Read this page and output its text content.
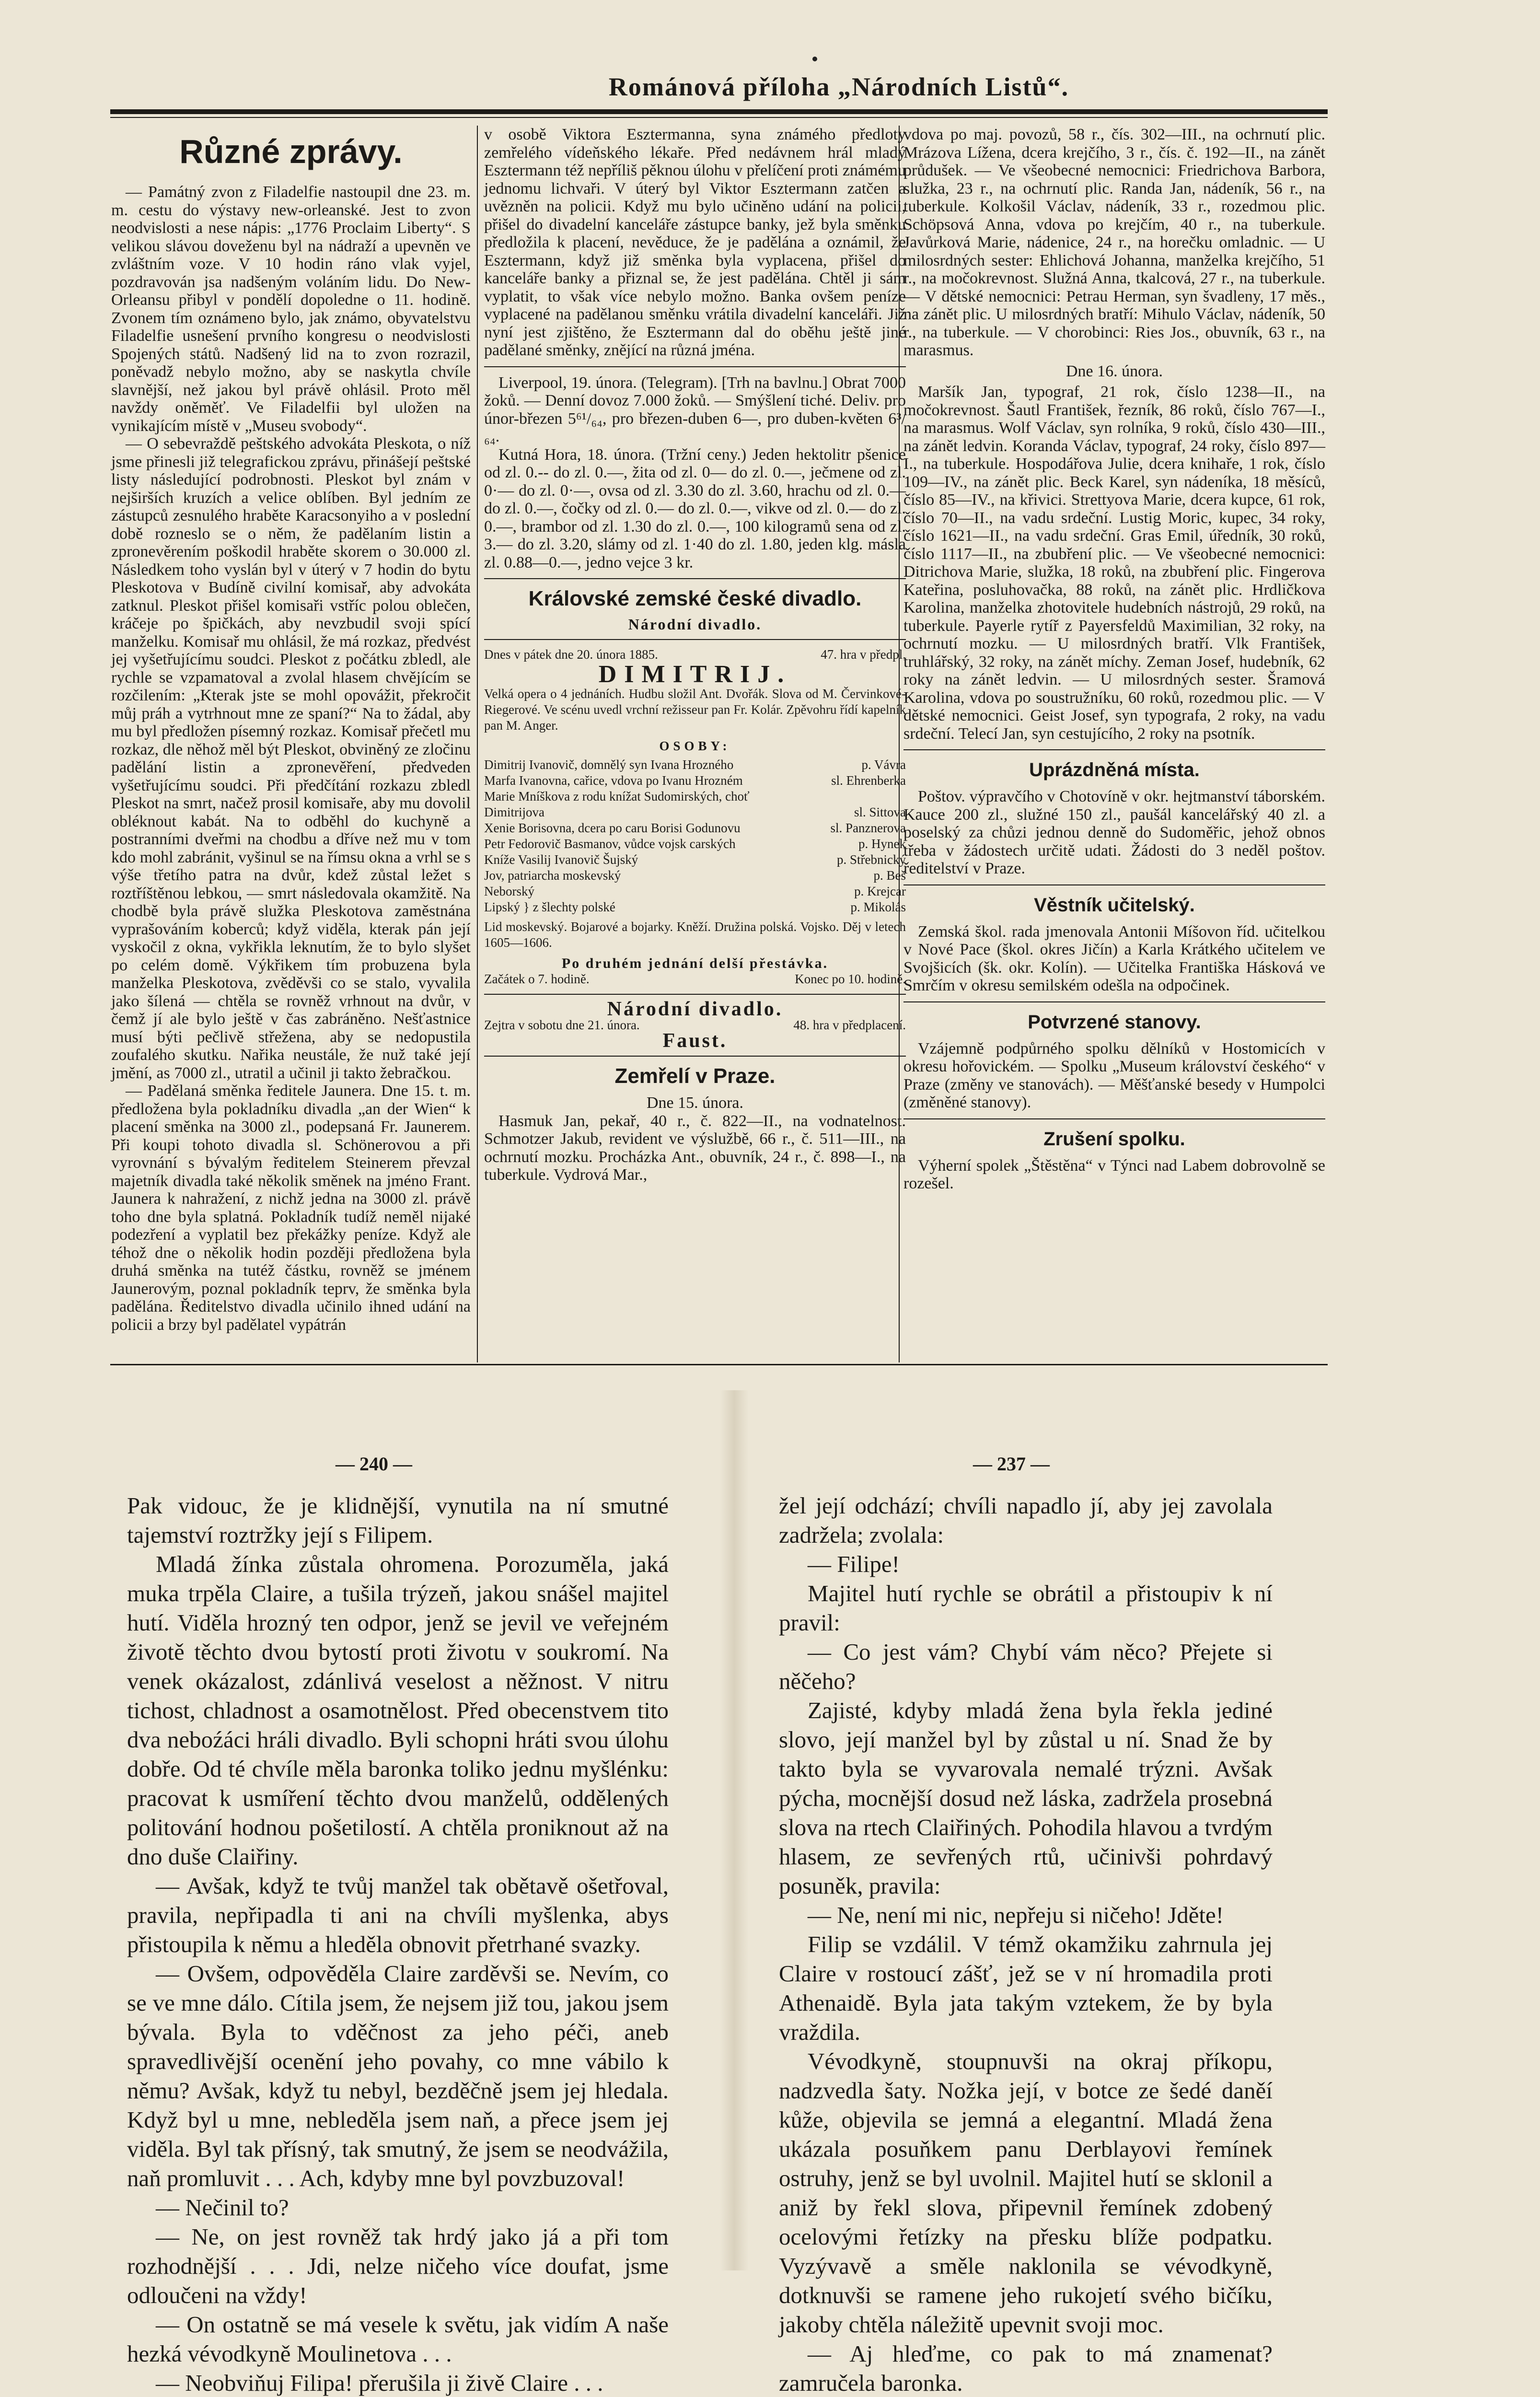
Románová příloha „Národních Listů“.
Různé zprávy.

— Památný zvon z Filadelfie nastoupil dne 23. m. m. cestu do výstavy new-orleanské. Jest to zvon neodvislosti a nese nápis: „1776 Proclaim Liberty“. S velikou slávou doveženu byl na nádraží a upevněn ve zvláštním voze. V 10 hodin ráno vlak vyjel, pozdravován jsa nadšeným voláním lidu. Do New-Orleansu přibyl v pondělí dopoledne o 11. hodině. Zvonem tím oznámeno bylo, jak známo, obyvatelstvu Filadelfie usnešení prvního kongresu o neodvislosti Spojených států. Nadšený lid na to zvon rozrazil, poněvadž nebylo možno, aby se naskytla chvíle slavnější, než jakou byl právě ohlásil. Proto měl navždy oněměť. Ve Filadelfii byl uložen na vynikajícím místě v „Museu svobody“.

— O sebevraždě peštského advokáta Pleskota, o níž jsme přinesli již telegrafickou zprávu, přinášejí peštské listy následující podrobnosti. Pleskot byl znám v nejširších kruzích a velice oblíben. Byl jedním ze zástupců zesnulého hraběte Karacsonyiho a v poslední době rozneslo se o něm, že padělaním listin a zpronevěrením poškodil hraběte skorem o 30.000 zl. Následkem toho vyslán byl v úterý v 7 hodin do bytu Pleskotova v Budíně civilní komisař, aby advokáta zatknul. Pleskot přišel komisaři vstříc polou oblečen, kráčeje po špičkách, aby nevzbudil svoji spící manželku. Komisař mu ohlásil, že má rozkaz, předvést jej vyšetřujícímu soudci. Pleskot z počátku zbledl, ale rychle se vzpamatoval a zvolal hlasem chvějícím se rozčilením: „Kterak jste se mohl opovážit, překročit můj práh a vytrhnout mne ze spaní?“ Na to žádal, aby mu byl předložen písemný rozkaz. Komisař přečetl mu rozkaz, dle něhož měl být Pleskot, obviněný ze zločinu padělání listin a zpronevěření, předveden vyšetřujícímu soudci. Při předčítání rozkazu zbledl Pleskot na smrt, načež prosil komisaře, aby mu dovolil obléknout kabát. Na to odběhl do kuchyně a postranními dveřmi na chodbu a dříve než mu v tom kdo mohl zabránit, vyšinul se na římsu okna a vrhl se s výše třetího patra na dvůr, kdež zůstal ležet s roztříštěnou lebkou, — smrt následovala okamžitě. Na chodbě byla právě služka Pleskotova zaměstnána vyprašováním koberců; když viděla, kterak pán její vyskočil z okna, vykřikla leknutím, že to bylo slyšet po celém domě. Výkřikem tím probuzena byla manželka Pleskotova, zvěděvši co se stalo, vyvalila jako šílená — chtěla se rovněž vrhnout na dvůr, v čemž jí ale bylo ještě v čas zabráněno. Nešťastnice musí býti pečlivě střežena, aby se nedopustila zoufalého skutku. Nařika neustále, že nuž také její jmění, as 7000 zl., utratil a učinil ji takto žebračkou.

— Padělaná směnka ředitele Jaunera. Dne 15. t. m. předložena byla pokladníku divadla „an der Wien“ k placení směnka na 3000 zl., podepsaná Fr. Jaunerem. Při koupi tohoto divadla sl. Schönerovou a při vyrovnání s bývalým ředitelem Steinerem převzal majetník divadla také několik směnek na jméno Frant. Jaunera k nahražení, z nichž jedna na 3000 zl. právě toho dne byla splatná. Pokladník tudíž neměl nijaké podezření a vyplatil bez překážky peníze. Když ale téhož dne o několik hodin později předložena byla druhá směnka na tutéž částku, rovněž se jménem Jaunerovým, poznal pokladník teprv, že směnka byla padělána. Ředitelstvo divadla učinilo ihned udání na policii a brzy byl padělatel vypátrán

v osobě Viktora Esztermanna, syna známého předloty zemřelého vídeňského lékaře. Před nedávnem hrál mladý Esztermann též nepříliš pěknou úlohu v přelíčení proti známému jednomu lichvaři. V úterý byl Viktor Esztermann zatčen a uvězněn na policii. Když mu bylo učiněno udání na policii, přišel do divadelní kanceláře zástupce banky, jež byla směnku předložila k placení, nevěduce, že je padělána a oznámil, že Esztermann, když již směnka byla vyplacena, přišel do kanceláře banky a přiznal se, že jest padělána. Chtěl ji sám vyplatit, to však více nebylo možno. Banka ovšem peníze vyplacené na padělanou směnku vrátila divadelní kanceláři. Již nyní jest zjištěno, že Esztermann dal do oběhu ještě jiné padělané směnky, znějící na různá jména.

Liverpool, 19. února. (Telegram). [Trh na bavlnu.] Obrat 7000 žoků. — Denní dovoz 7.000 žoků. — Smýšlení tiché. Deliv. pro únor-březen 5⁶¹/₆₄, pro březen-duben 6—, pro duben-květen 6³/₆₄.

Kutná Hora, 18. února. (Tržní ceny.) Jeden hektolitr pšenice od zl. 0.-- do zl. 0.—, žita od zl. 0— do zl. 0.—, ječmene od zl. 0·— do zl. 0·—, ovsa od zl. 3.30 do zl. 3.60, hrachu od zl. 0.— do zl. 0.—, čočky od zl. 0.— do zl. 0.—, vikve od zl. 0.— do zl. 0.—, brambor od zl. 1.30 do zl. 0.—, 100 kilogramů sena od zl. 3.— do zl. 3.20, slámy od zl. 1·40 do zl. 1.80, jeden klg. másla zl. 0.88—0.—, jedno vejce 3 kr.

Královské zemské české divadlo.
Národní divadlo.
Dnes v pátek dne 20. února 1885.	47. hra v předpl.
DIMITRIJ.
Velká opera o 4 jednáních. Hudbu složil Ant. Dvořák. Slova od M. Červinkové-Riegerové. Ve scénu uvedl vrchní režisseur pan Fr. Kolár. Zpěvohru řídí kapelník pan M. Anger.
OSOBY:
Dimitrij Ivanovič, domnělý syn Ivana Hrozného	p. Vávra
Marfa Ivanovna, cařice, vdova po Ivanu Hrozném	sl. Ehrenberka
Marie Mníškova z rodu knížat Sudomirských, choť
Dimitrijova	sl. Sittova
Xenie Borisovna, dcera po caru Borisi Godunovu	sl. Panznerova
Petr Fedorovič Basmanov, vůdce vojsk carských	p. Hynek
Kníže Vasilij Ivanovič Šujský	p. Střebnický
Jov, patriarcha moskevský	p. Beš
Neborský	p. Krejcar
Lipský } z šlechty polské	p. Mikolás
Lid moskevský. Bojarové a bojarky. Kněží. Družina polská. Vojsko. Děj v letech 1605—1606.
Po druhém jednání delší přestávka.
Začátek o 7. hodině.	Konec po 10. hodině.
Národní divadlo.
Zejtra v sobotu dne 21. února.	48. hra v předplacení.
Faust.
Zemřelí v Praze.
Dne 15. února.

Hasmuk Jan, pekař, 40 r., č. 822—II., na vodnatelnost. Schmotzer Jakub, revident ve výslužbě, 66 r., č. 511—III., na ochrnutí mozku. Procházka Ant., obuvník, 24 r., č. 898—I., na tuberkule. Vydrová Mar.,

vdova po maj. povozů, 58 r., čís. 302—III., na ochrnutí plic. Mrázova Lížena, dcera krejčího, 3 r., čís. č. 192—II., na zánět průdušek. — Ve všeobecné nemocnici: Friedrichova Barbora, služka, 23 r., na ochrnutí plic. Randa Jan, nádeník, 56 r., na tuberkule. Kolkošil Václav, nádeník, 33 r., rozedmou plic. Schöpsová Anna, vdova po krejčím, 40 r., na tuberkule. Javůrková Marie, nádenice, 24 r., na horečku omladnic. — U milosrdných sester: Ehlichová Johanna, manželka krejčího, 51 r., na močokrevnost. Služná Anna, tkalcová, 27 r., na tuberkule. — V dětské nemocnici: Petrau Herman, syn švadleny, 17 měs., na zánět plic. U milosrdných bratří: Mihulo Václav, nádeník, 50 r., na tuberkule. — V chorobinci: Ries Jos., obuvník, 63 r., na marasmus.

Dne 16. února.

Maršík Jan, typograf, 21 rok, číslo 1238—II., na močokrevnost. Šautl František, řezník, 86 roků, číslo 767—I., na marasmus. Wolf Václav, syn rolníka, 9 roků, číslo 430—III., na zánět ledvin. Koranda Václav, typograf, 24 roky, číslo 897—I., na tuberkule. Hospodářova Julie, dcera knihaře, 1 rok, číslo 109—IV., na zánět plic. Beck Karel, syn nádeníka, 18 měsíců, číslo 85—IV., na křivici. Strettyova Marie, dcera kupce, 61 rok, číslo 70—II., na vadu srdeční. Lustig Moric, kupec, 34 roky, číslo 1621—II., na vadu srdeční. Gras Emil, úředník, 30 roků, číslo 1117—II., na zbubření plic. — Ve všeobecné nemocnici: Ditrichova Marie, služka, 18 roků, na zbubření plic. Fingerova Kateřina, posluhovačka, 88 roků, na zánět plic. Hrdličkova Karolina, manželka zhotovitele hudebních nástrojů, 29 roků, na tuberkule. Payerle rytíř z Payersfeldů Maximilian, 32 roky, na ochrnutí mozku. — U milosrdných bratří. Vlk František, truhlářský, 32 roky, na zánět míchy. Zeman Josef, hudebník, 62 roky na zánět ledvin. — U milosrdných sester. Šramová Karolina, vdova po soustružníku, 60 roků, rozedmou plic. — V dětské nemocnici. Geist Josef, syn typografa, 2 roky, na vadu srdeční. Telecí Jan, syn cestujícího, 2 roky na psotník.

Uprázdněná místa.

Poštov. výpravčího v Chotovíně v okr. hejtmanství táborském. Kauce 200 zl., služné 150 zl., paušál kancelářský 40 zl. a poselský za chůzi jednou denně do Sudoměřic, jehož obnos třeba v žádostech určitě udati. Žádosti do 3 neděl poštov. ředitelství v Praze.

Věstník učitelský.

Zemská škol. rada jmenovala Antonii Míšovon říd. učitelkou v Nové Pace (škol. okres Jičín) a Karla Krátkého učitelem ve Svojšicích (šk. okr. Kolín). — Učitelka Františka Hásková ve Smrčím v okresu semilském odešla na odpočinek.

Potvrzené stanovy.

Vzájemně podpůrného spolku dělníků v Hostomicích v okresu hořovickém. — Spolku „Museum království českého“ v Praze (změny ve stanovách). — Měšťanské besedy v Humpolci (změněné stanovy).

Zrušení spolku.

Výherní spolek „Štěstěna“ v Týnci nad Labem dobrovolně se rozešel.

— 240 —	— 237 —

Pak vidouc, že je klidnější, vynutila na ní smutné tajemství roztržky její s Filipem.

Mladá žínka zůstala ohromena. Porozuměla, jaká muka trpěla Claire, a tušila trýzeň, jakou snášel majitel hutí. Viděla hrozný ten odpor, jenž se jevil ve veřejném životě těchto dvou bytostí proti životu v soukromí. Na venek okázalost, zdánlivá veselost a něžnost. V nitru tichost, chladnost a osamotnělost. Před obecenstvem tito dva neboźáci hráli divadlo. Byli schopni hráti svou úlohu dobře. Od té chvíle měla baronka toliko jednu myšlénku: pracovat k usmíření těchto dvou manželů, oddělených politování hodnou pošetilostí. A chtěla proniknout až na dno duše Claiřiny.

— Avšak, když te tvůj manžel tak obětavě ošetřoval, pravila, nepřipadla ti ani na chvíli myšlenka, abys přistoupila k němu a hleděla obnovit přetrhané svazky.

— Ovšem, odpověděla Claire zarděvši se. Nevím, co se ve mne dálo. Cítila jsem, že nejsem již tou, jakou jsem bývala. Byla to vděčnost za jeho péči, aneb spravedlivější ocenění jeho povahy, co mne vábilo k němu? Avšak, když tu nebyl, bezděčně jsem jej hledala. Když byl u mne, nebleděla jsem naň, a přece jsem jej viděla. Byl tak přísný, tak smutný, že jsem se neodvážila, naň promluvit . . . Ach, kdyby mne byl povzbuzoval!

— Nečinil to?

— Ne, on jest rovněž tak hrdý jako já a při tom rozhodnější . . . Jdi, nelze ničeho více doufat, jsme odloučeni na vždy!

— On ostatně se má vesele k světu, jak vidím A naše hezká vévodkyně Moulinetova . . .

— Neobviňuj Filipa! přerušila ji živě Claire . . .

žel její odchází; chvíli napadlo jí, aby jej zavolala zadržela; zvolala:

— Filipe!

Majitel hutí rychle se obrátil a přistoupiv k ní pravil:

— Co jest vám? Chybí vám něco? Přejete si něčeho?

Zajisté, kdyby mladá žena byla řekla jediné slovo, její manžel byl by zůstal u ní. Snad že by takto byla se vyvarovala nemalé trýzni. Avšak pýcha, mocnější dosud než láska, zadržela prosebná slova na rtech Claiřiných. Pohodila hlavou a tvrdým hlasem, ze sevřených rtů, učinivši pohrdavý posuněk, pravila:

— Ne, není mi nic, nepřeju si ničeho! Jděte!

Filip se vzdálil. V témž okamžiku zahrnula jej Claire v rostoucí zášť, jež se v ní hromadila proti Athenaidě. Byla jata takým vztekem, že by byla vraždila.

Vévodkyně, stoupnuvši na okraj příkopu, nadzvedla šaty. Nožka její, v botce ze šedé daněí kůže, objevila se jemná a elegantní. Mladá žena ukázala posuňkem panu Derblayovi řemínek ostruhy, jenž se byl uvolnil. Majitel hutí se sklonil a aniž by řekl slova, připevnil řemínek zdobený ocelovými řetízky na přesku blíže podpatku. Vyzývavě a směle naklonila se vévodkyně, dotknuvši se ramene jeho rukojetí svého bičíku, jakoby chtěla náležitě upevnit svoji moc.

— Aj hleďme, co pak to má znamenat? zamručela baronka.
